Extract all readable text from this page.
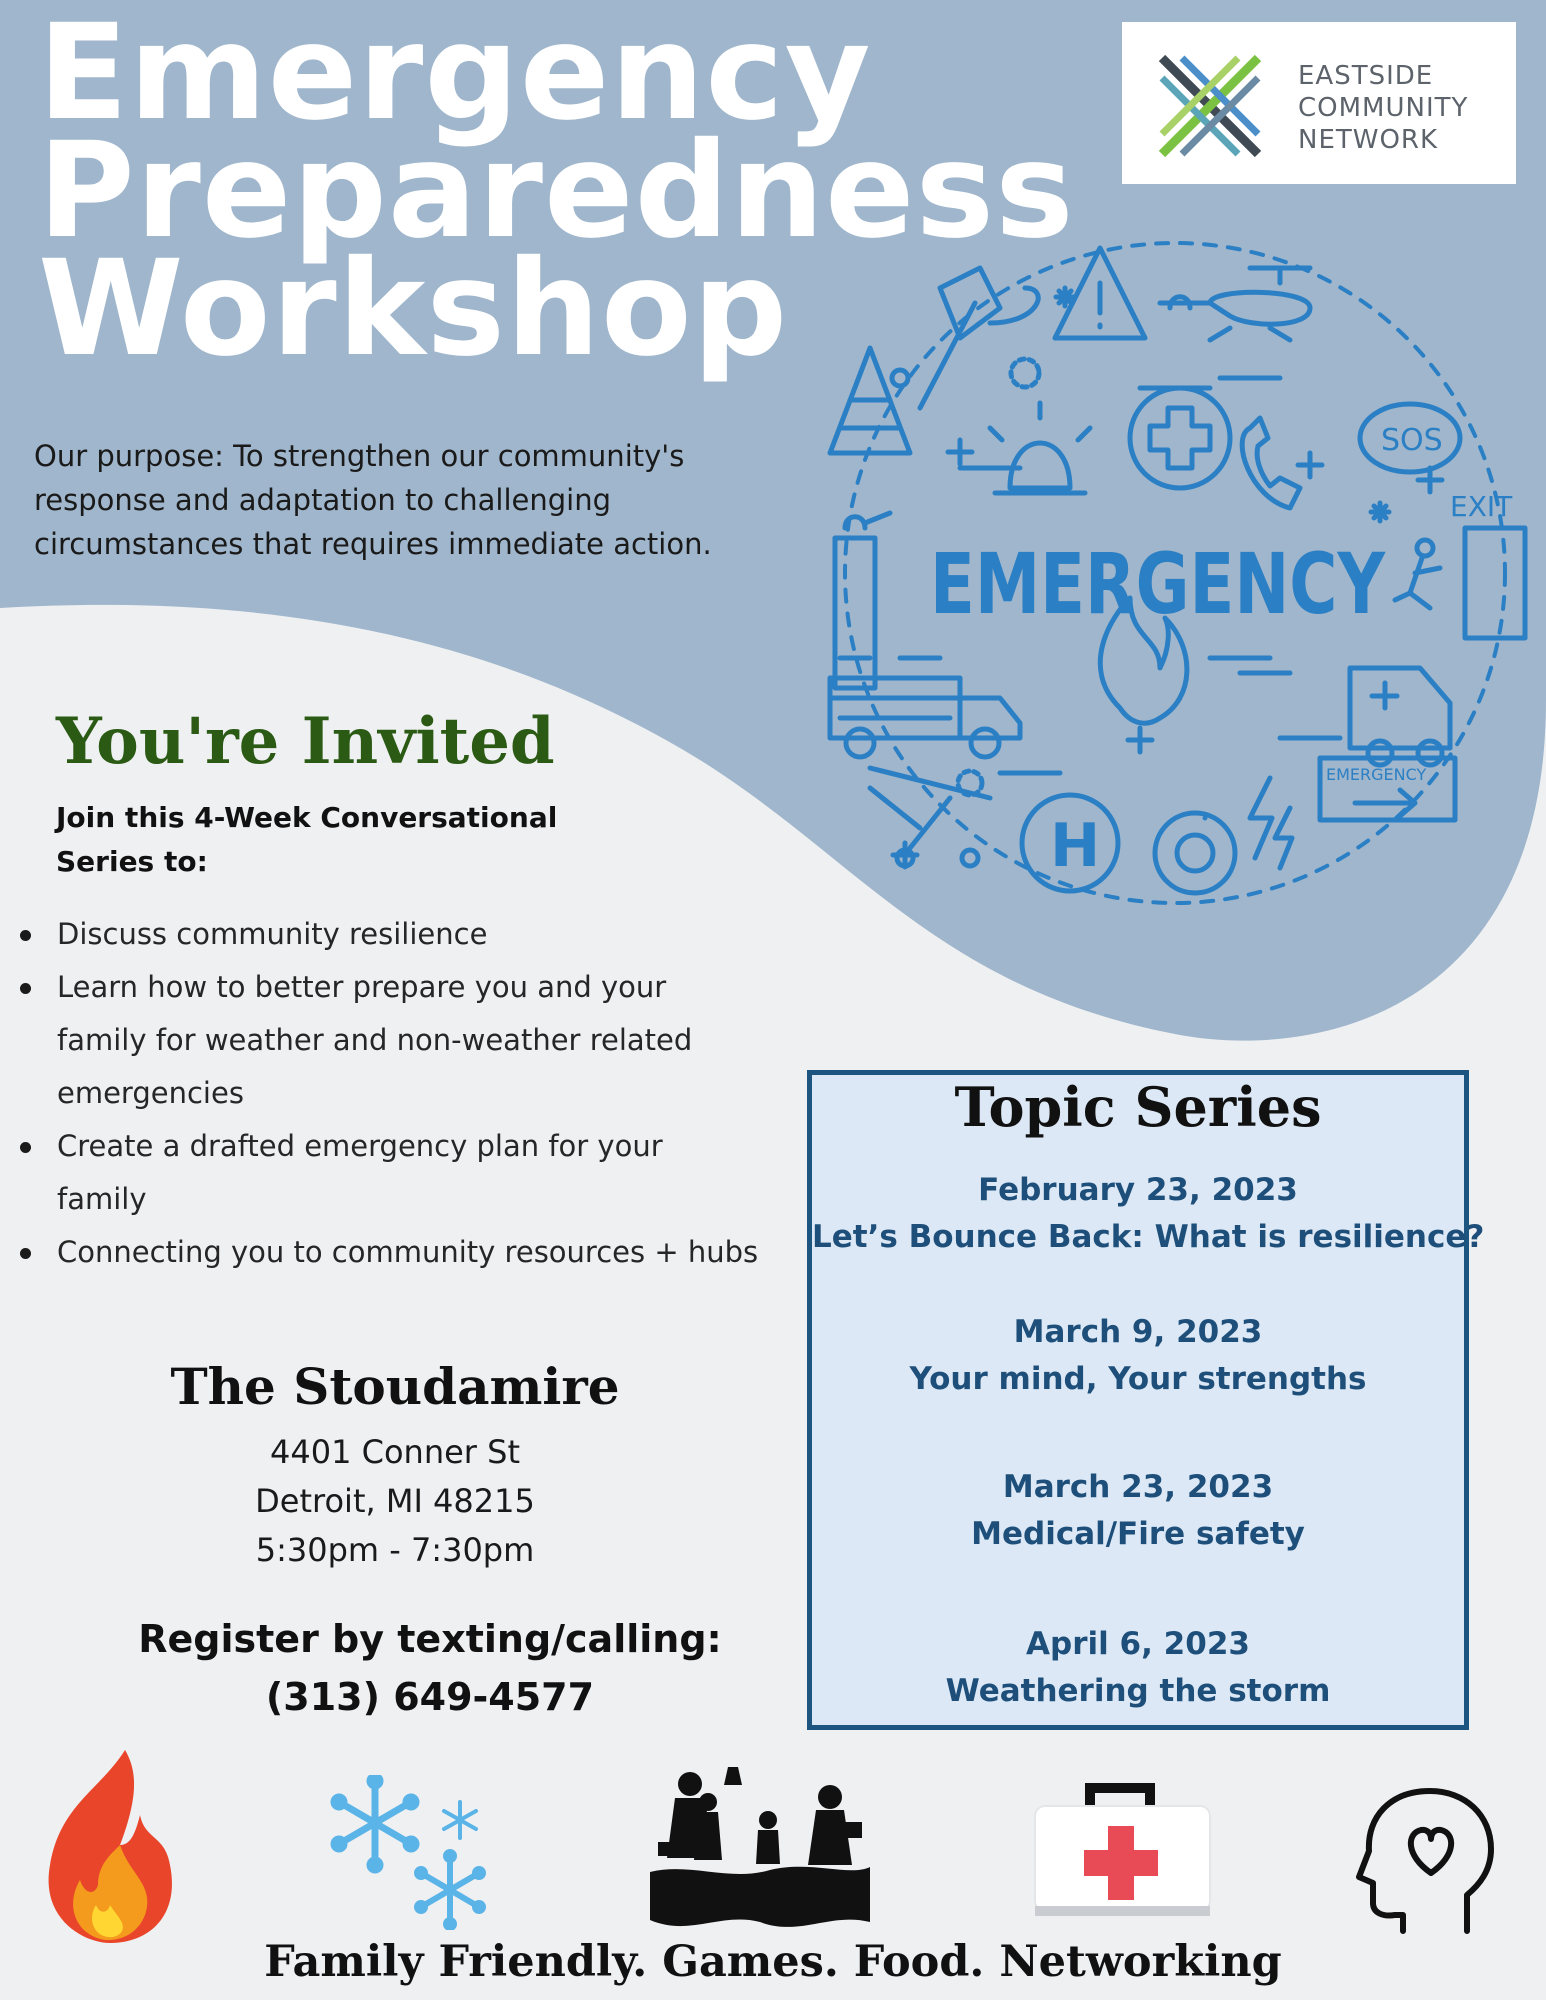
Emergency
Preparedness
Workshop
EASTSIDE
COMMUNITY
NETWORK

Our purpose: To strengthen our community's response and adaptation to challenging circumstances that requires immediate action.	EMERGENCY
SOS
EXIT
EMERGENCY
H
You're Invited

Join this 4-Week Conversational Series to:

Discuss community resilience
Learn how to better prepare you and your family for weather and non-weather related emergencies
Create a drafted emergency plan for your family
Connecting you to community resources + hubs
The Stoudamire
4401 Conner St
Detroit, MI 48215
5:30pm - 7:30pm
Register by texting/calling:
(313) 649-4577
Topic Series
February 23, 2023
Let’s Bounce Back: What is resilience?
March 9, 2023
Your mind, Your strengths
March 23, 2023
Medical/Fire safety
April 6, 2023
Weathering the storm

Family Friendly. Games. Food. Networking
